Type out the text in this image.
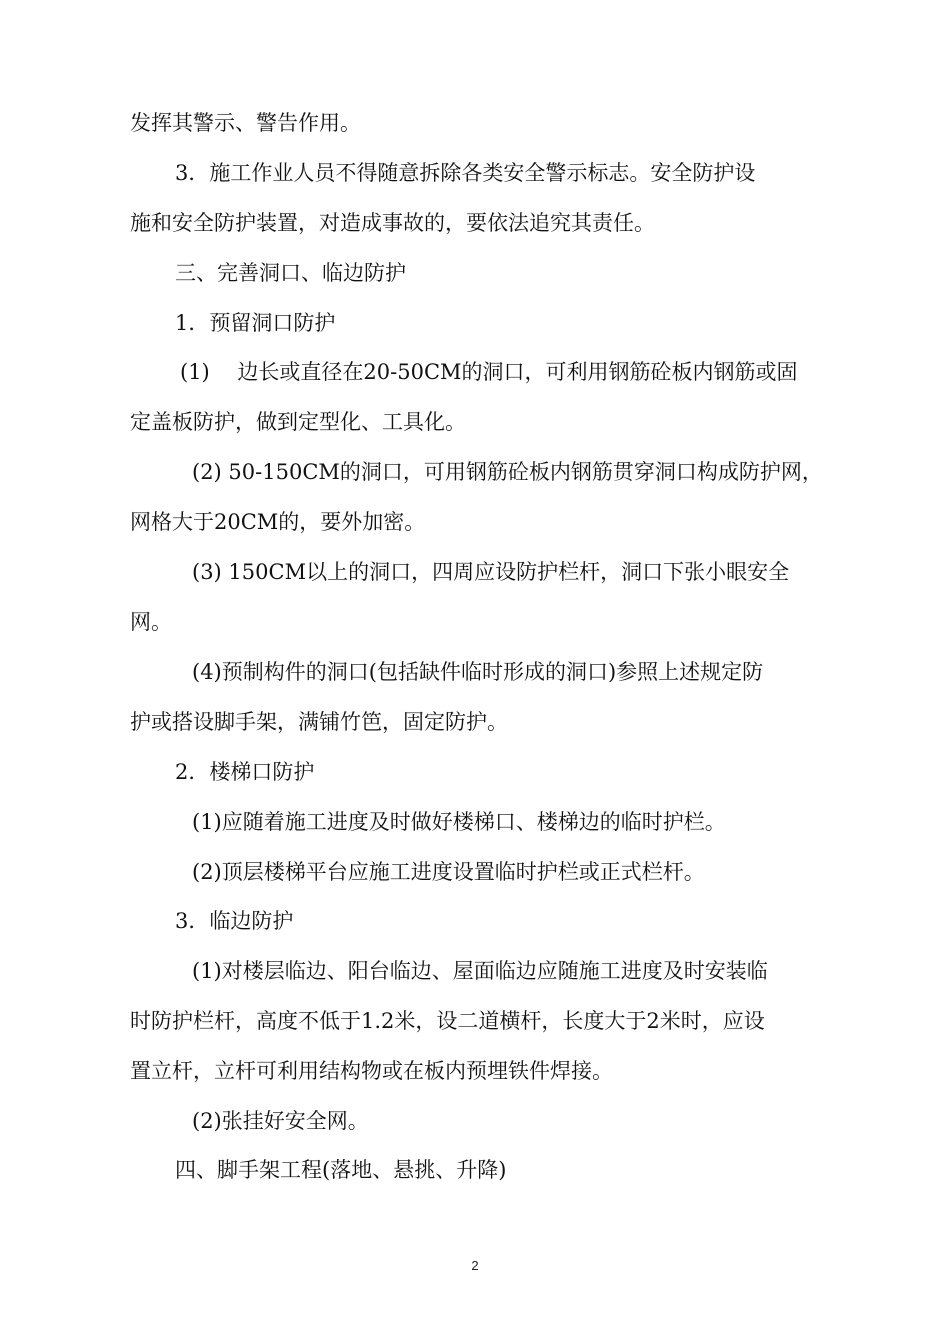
发挥其警示、警告作用。
3．施工作业人员不得随意拆除各类安全警示标志。安全防护设
施和安全防护装置，对造成事故的，要依法追究其责任。
三、完善洞口、临边防护
1．预留洞口防护
(1)　 边长或直径在20-50CM的洞口，可利用钢筋砼板内钢筋或固
定盖板防护，做到定型化、工具化。
(2) 50-150CM的洞口，可用钢筋砼板内钢筋贯穿洞口构成防护网，
网格大于20CM的，要外加密。
(3) 150CM以上的洞口，四周应设防护栏杆，洞口下张小眼安全
网。
(4)预制构件的洞口(包括缺件临时形成的洞口)参照上述规定防
护或搭设脚手架，满铺竹笆，固定防护。
2．楼梯口防护
(1)应随着施工进度及时做好楼梯口、楼梯边的临时护栏。
(2)顶层楼梯平台应施工进度设置临时护栏或正式栏杆。
3．临边防护
(1)对楼层临边、阳台临边、屋面临边应随施工进度及时安装临
时防护栏杆，高度不低于1.2米，设二道横杆，长度大于2米时，应设
置立杆，立杆可利用结构物或在板内预埋铁件焊接。
(2)张挂好安全网。
四、脚手架工程(落地、悬挑、升降)
2
